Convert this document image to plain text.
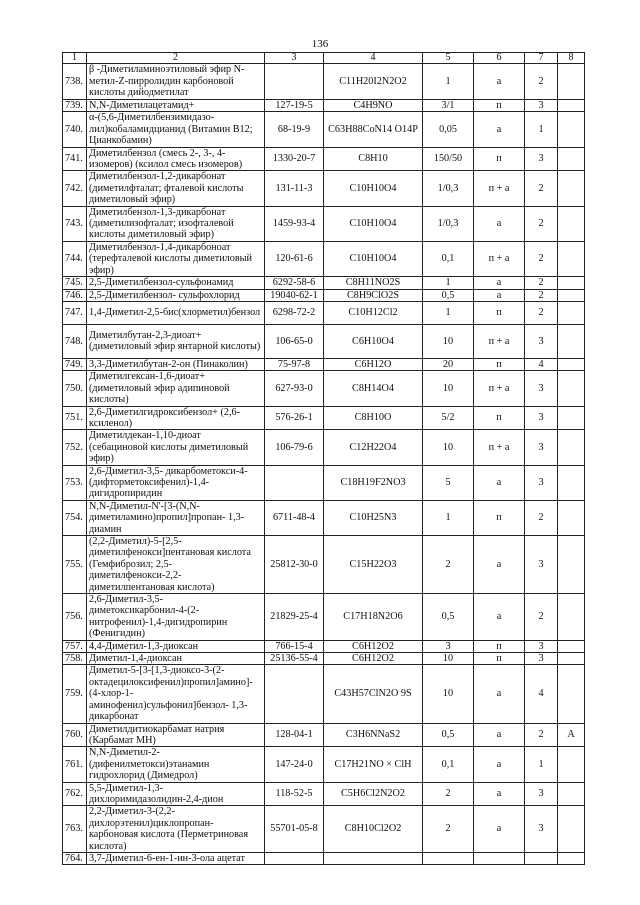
136
1	2	3	4	5	6	7	8
738.	β -Диметиламиноэтиловый эфир N-метил-Z-пирролидин карбоновой кислоты дийодметилат		C11H20I2N2O2	1	а	2	
739.	N,N-Диметилацетамид+	127-19-5	C4H9NO	3/1	п	3	
740.	α-(5,6-Диметилбензимидазо-лил)кобаламидцианид (Витамин B12; Цианкобамин)	68-19-9	C63H88CoN14 O14P	0,05	а	1	
741.	Диметилбензол (смесь 2-, 3-, 4-изомеров) (ксилол смесь изомеров)	1330-20-7	C8H10	150/50	п	3	
742.	Диметилбензол-1,2-дикарбонат (диметилфталат; фталевой кислоты диметиловый эфир)	131-11-3	C10H10O4	1/0,3	п + а	2	
743.	Диметилбензол-1,3-дикарбонат (диметилизофталат; изофталевой кислоты диметиловый эфир)	1459-93-4	C10H10O4	1/0,3	а	2	
744.	Диметилбензол-1,4-дикарбоноат (терефталевой кислоты диметиловый эфир)	120-61-6	C10H10O4	0,1	п + а	2	
745.	2,5-Диметилбензол-сульфонамид	6292-58-6	C8H11NO2S	1	а	2	
746.	2,5-Диметилбензол- сульфохлорид	19040-62-1	C8H9ClO2S	0,5	а	2	
747.	1,4-Диметил-2,5-бис(хлорметил)бензол	6298-72-2	C10H12Cl2	1	п	2	
748.	Диметилбутан-2,3-диоат+ (диметиловый эфир янтарной кислоты)	106-65-0	C6H10O4	10	п + а	3	
749.	3,3-Диметилбутан-2-он (Пинаколин)	75-97-8	C6H12O	20	п	4	
750.	Диметилгексан-1,6-диоат+ (диметиловый эфир адипиновой кислоты)	627-93-0	C8H14O4	10	п + а	3	
751.	2,6-Диметилгидроксибензол+ (2,6-ксиленол)	576-26-1	C8H10O	5/2	п	3	
752.	Диметилдекан-1,10-диоат (себациновой кислоты диметиловый эфир)	106-79-6	C12H22O4	10	п + а	3	
753.	2,6-Диметил-3,5- дикарбометокси-4-(дифторметоксифенил)-1,4-дигидропиридин		C18H19F2NO3	5	а	3	
754.	N,N-Диметил-N'-[3-(N,N-диметиламино)пропил]пропан- 1,3-диамин	6711-48-4	C10H25N3	1	п	2	
755.	(2,2-Диметил)-5-[2,5-диметилфенокси]пентановая кислота (Гемфиброзил; 2,5- диметилфенокси-2,2- диметилпентановая кислота)	25812-30-0	C15H22O3	2	а	3	
756.	2,6-Диметил-3,5- диметоксикарбонил-4-(2- нитрофенил)-1,4-дигидропирин (Фенигидин)	21829-25-4	C17H18N2O6	0,5	а	2	
757.	4,4-Диметил-1,3-диоксан	766-15-4	C6H12O2	3	п	3	
758.	Диметил-1,4-диоксан	25136-55-4	C6H12O2	10	п	3	
759.	Диметил-5-[3-[1,3-диоксо-3-(2-октадецилоксифенил)пропил]амино]-(4-хлор-1-аминофенил)сульфонил]бензол- 1,3-дикарбонат		C43H57ClN2O 9S	10	а	4	
760.	Диметилдитиокарбамат натрия (Карбамат МН)	128-04-1	C3H6NNaS2	0,5	а	2	А
761.	N,N-Диметил-2-(дифенилметокси)этанамин гидрохлорид (Димедрол)	147-24-0	C17H21NO × ClH	0,1	а	1	
762.	5,5-Диметил-1,3-дихлоримидазолидин-2,4-дион	118-52-5	C5H6Cl2N2O2	2	а	3	
763.	2,2-Диметил-3-(2,2-дихлорэтенил)циклопропан-карбоновая кислота (Перметриновая кислота)	55701-05-8	C8H10Cl2O2	2	а	3	
764.	3,7-Диметил-6-ен-1-ин-3-ола ацетат						
